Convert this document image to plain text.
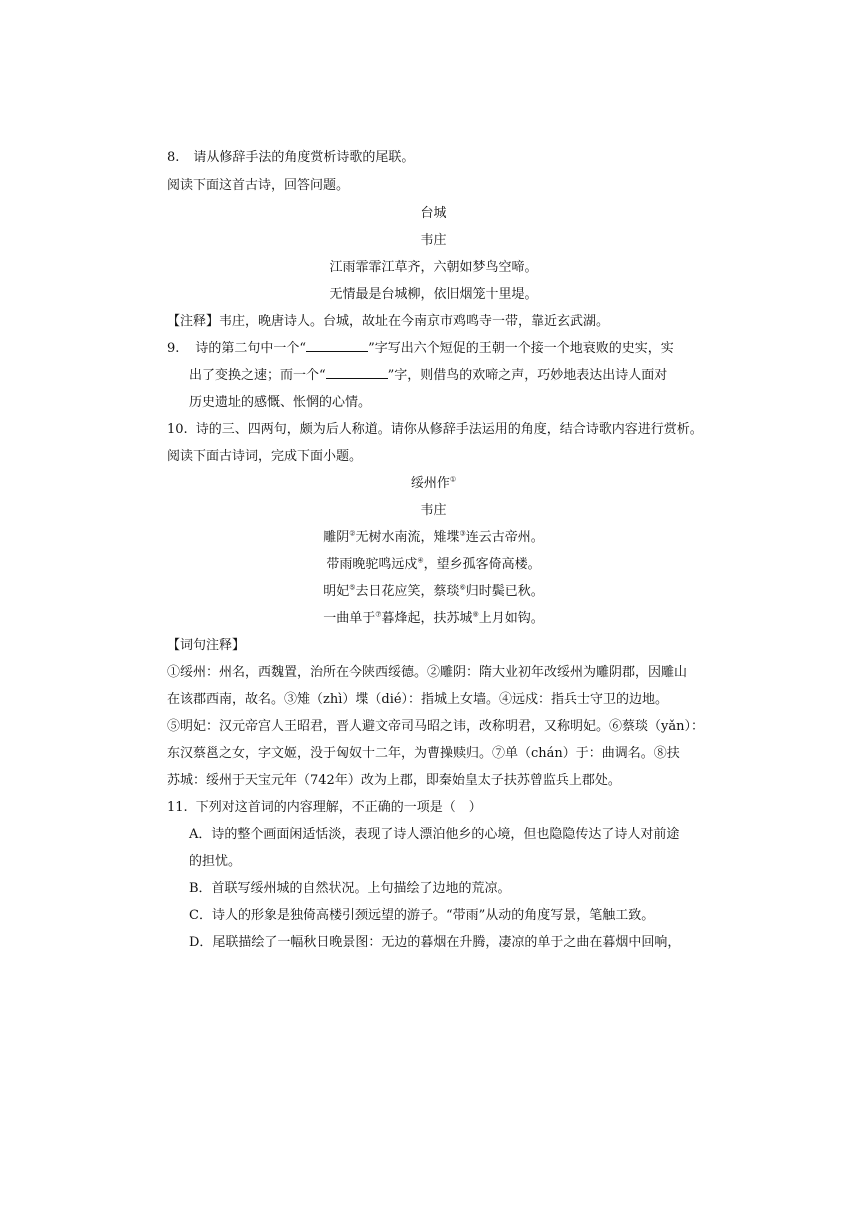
8. 请从修辞手法的角度赏析诗歌的尾联。
阅读下面这首古诗，回答问题。
台城
韦庄
江雨霏霏江草齐，六朝如梦鸟空啼。
无情最是台城柳，依旧烟笼十里堤。
【注释】韦庄，晚唐诗人。台城，故址在今南京市鸡鸣寺一带，靠近玄武湖。
9. 诗的第二句中一个“	”字写出六个短促的王朝一个接一个地衰败的史实，实
出了变换之速；而一个“	”字，则借鸟的欢啼之声，巧妙地表达出诗人面对
历史遗址的感慨、怅惘的心情。
10. 诗的三、四两句，颇为后人称道。请你从修辞手法运用的角度，结合诗歌内容进行赏析。
阅读下面古诗词，完成下面小题。
绥州作①
韦庄
雕阴②无树水南流，雉堞③连云古帝州。
带雨晚驼鸣远戍④，望乡孤客倚高楼。
明妃⑤去日花应笑，蔡琰⑥归时鬓已秋。
一曲单于⑦暮烽起，扶苏城⑧上月如钩。
【词句注释】
①绥州：州名，西魏置，治所在今陕西绥德。②雕阴：隋大业初年改绥州为雕阴郡，因雕山
在该郡西南，故名。③雉（zhì）堞（dié）：指城上女墙。④远戍：指兵士守卫的边地。
⑤明妃：汉元帝宫人王昭君，晋人避文帝司马昭之讳，改称明君，又称明妃。⑥蔡琰（yǎn）：
东汉蔡邕之女，字文姬，没于匈奴十二年，为曹操赎归。⑦单（chán）于：曲调名。⑧扶
苏城：绥州于天宝元年（742年）改为上郡，即秦始皇太子扶苏曾监兵上郡处。
11. 下列对这首词的内容理解，不正确的一项是（　）
A．诗的整个画面闲适恬淡，表现了诗人漂泊他乡的心境，但也隐隐传达了诗人对前途
的担忧。
B．首联写绥州城的自然状况。上句描绘了边地的荒凉。
C．诗人的形象是独倚高楼引颈远望的游子。“带雨”从动的角度写景，笔触工致。
D．尾联描绘了一幅秋日晚景图：无边的暮烟在升腾，凄凉的单于之曲在暮烟中回响，
